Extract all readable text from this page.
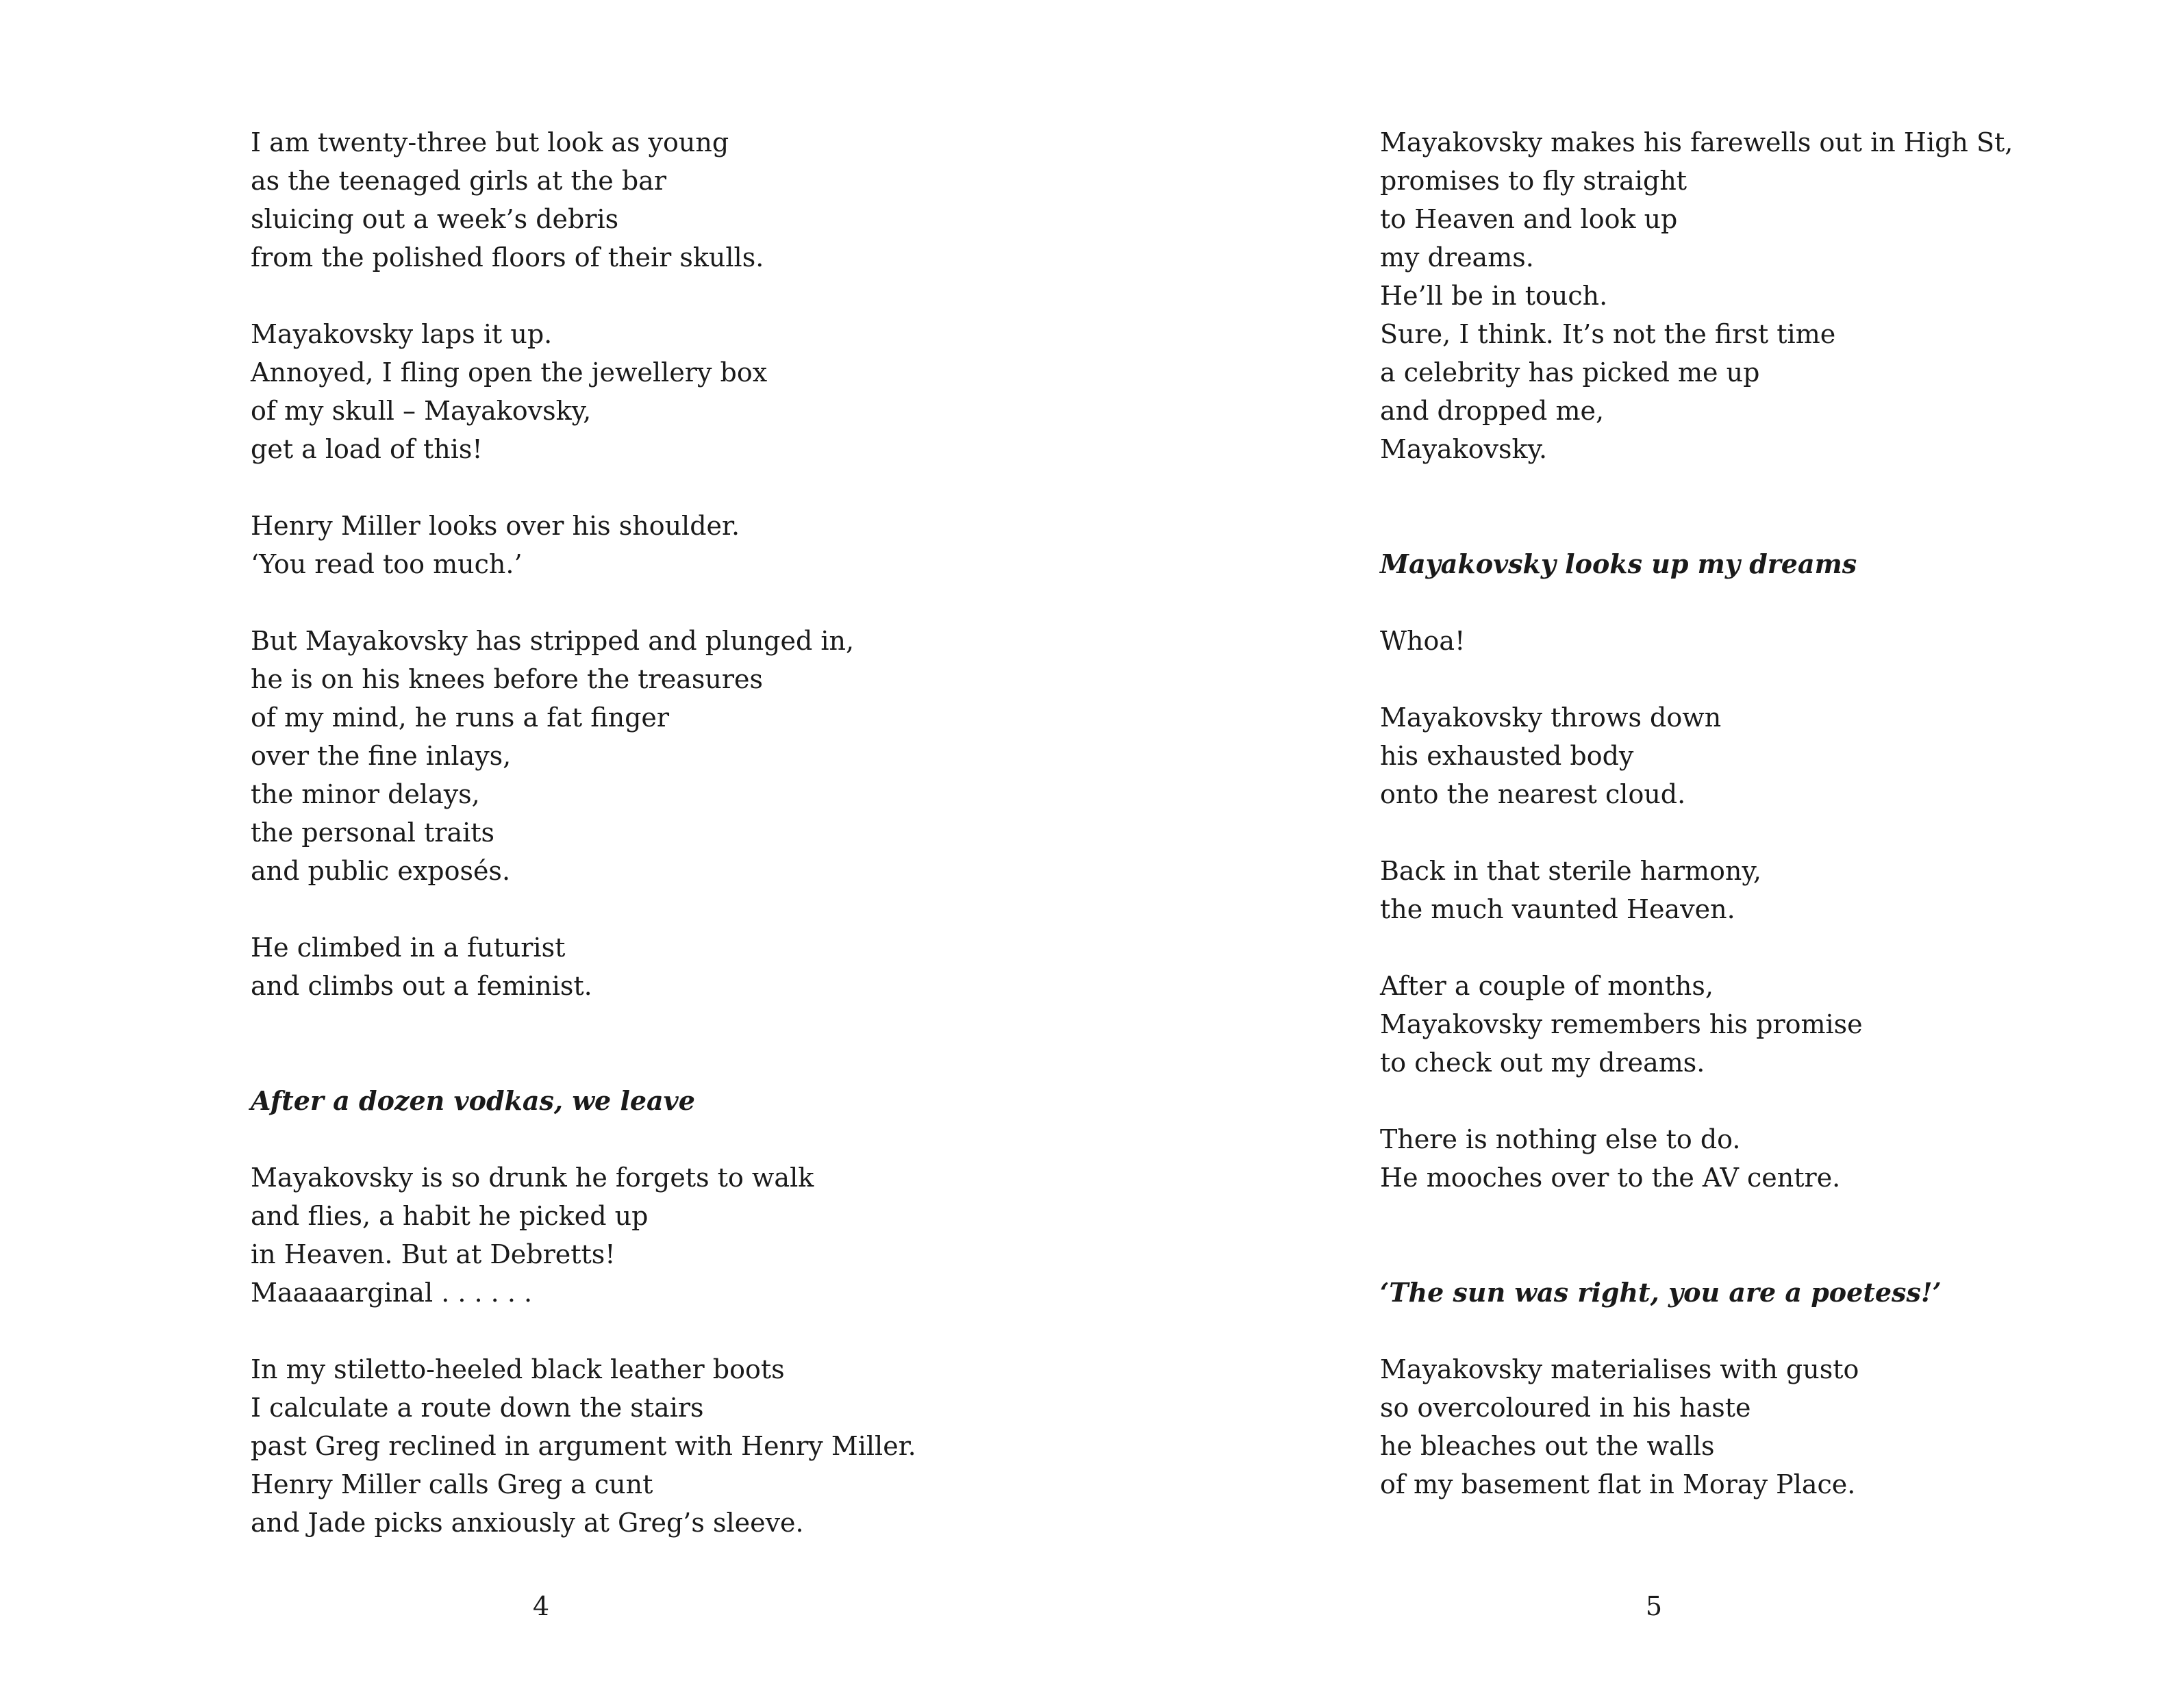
I am twenty-three but look as young
as the teenaged girls at the bar
sluicing out a week’s debris
from the polished floors of their skulls.
Mayakovsky laps it up.
Annoyed, I fling open the jewellery box
of my skull – Mayakovsky,
get a load of this!
Henry Miller looks over his shoulder.
‘You read too much.’
But Mayakovsky has stripped and plunged in,
he is on his knees before the treasures
of my mind, he runs a fat finger
over the fine inlays,
the minor delays,
the personal traits
and public exposés.
He climbed in a futurist
and climbs out a feminist.
After a dozen vodkas, we leave
Mayakovsky is so drunk he forgets to walk
and flies, a habit he picked up
in Heaven. But at Debretts!
Maaaaarginal . . . . . .
In my stiletto-heeled black leather boots
I calculate a route down the stairs
past Greg reclined in argument with Henry Miller.
Henry Miller calls Greg a cunt
and Jade picks anxiously at Greg’s sleeve.
4
Mayakovsky makes his farewells out in High St,
promises to fly straight
to Heaven and look up
my dreams.
He’ll be in touch.
Sure, I think. It’s not the first time
a celebrity has picked me up
and dropped me,
Mayakovsky.
Mayakovsky looks up my dreams
Whoa!
Mayakovsky throws down
his exhausted body
onto the nearest cloud.
Back in that sterile harmony,
the much vaunted Heaven.
After a couple of months,
Mayakovsky remembers his promise
to check out my dreams.
There is nothing else to do.
He mooches over to the AV centre.
‘The sun was right, you are a poetess!’
Mayakovsky materialises with gusto
so overcoloured in his haste
he bleaches out the walls
of my basement flat in Moray Place.
5
